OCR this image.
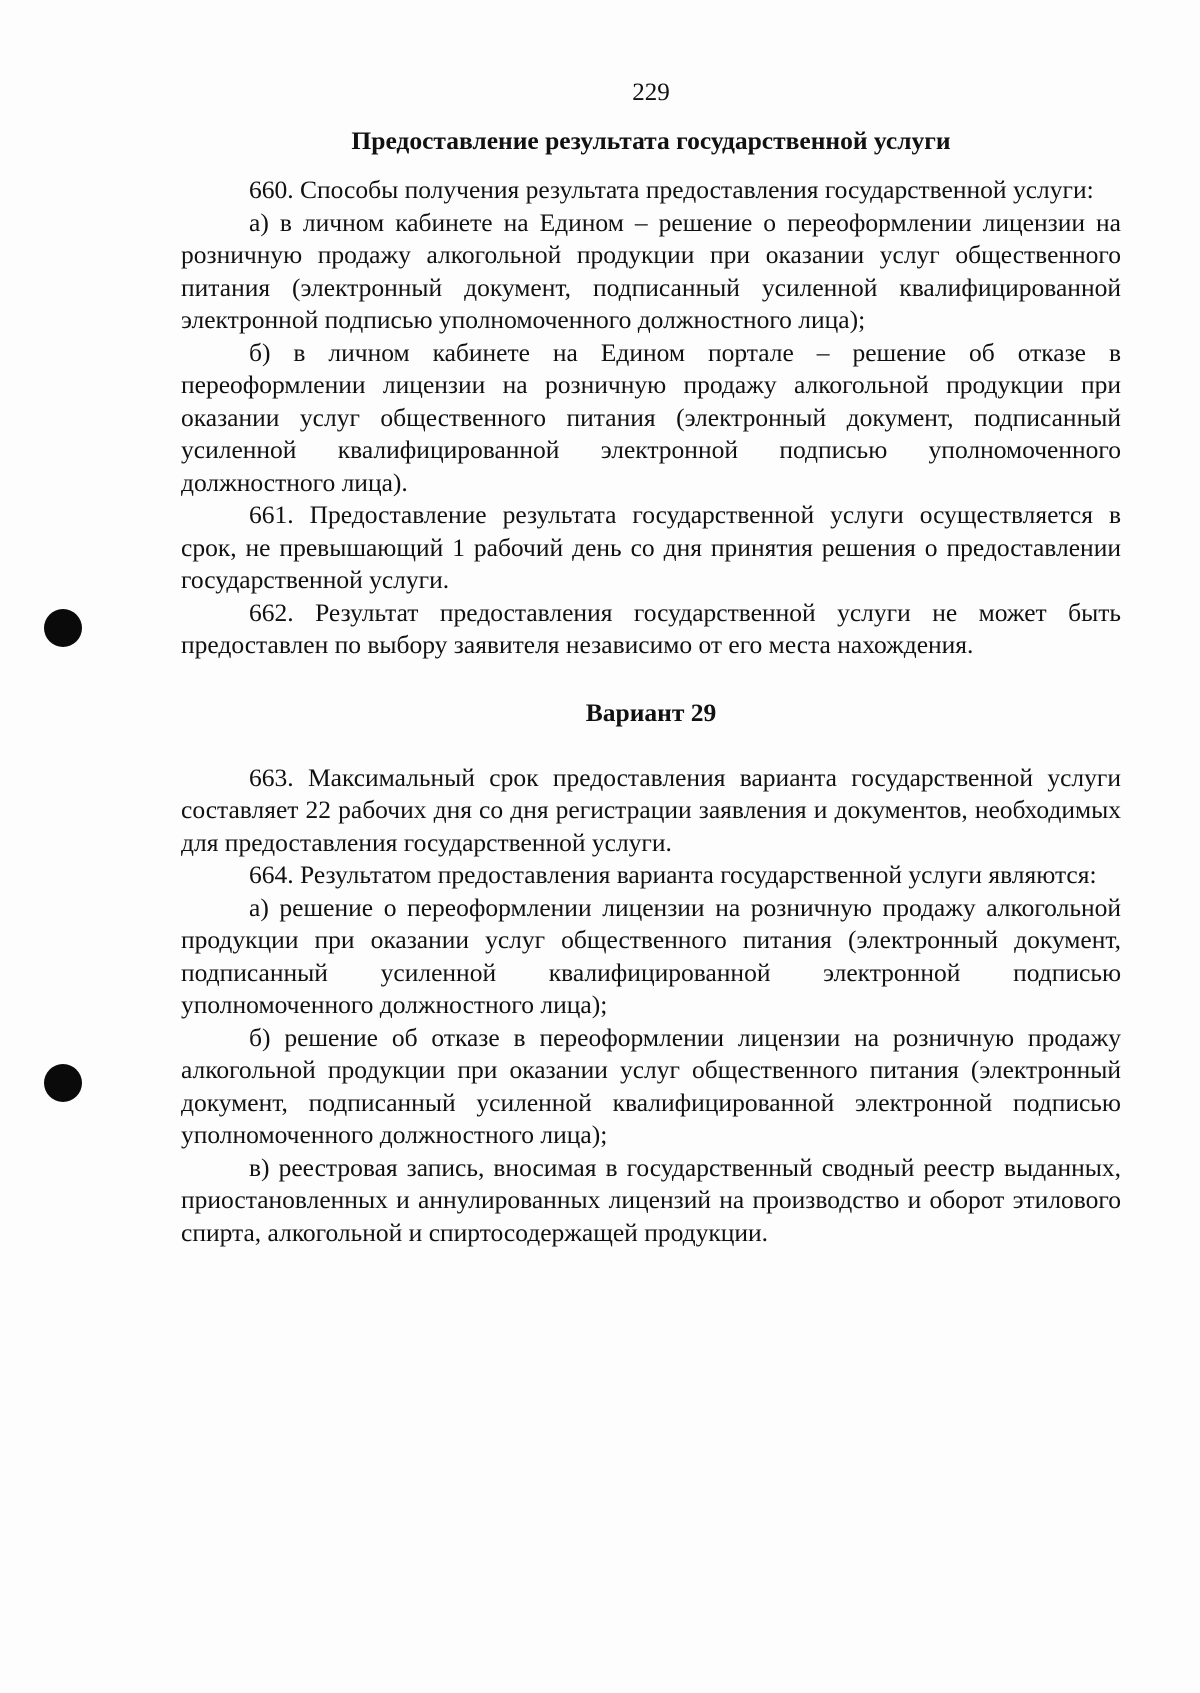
229
Предоставление результата государственной услуги

660. Способы получения результата предоставления государственной услуги:

а) в личном кабинете на Едином – решение о переоформлении лицензии на розничную продажу алкогольной продукции при оказании услуг общественного питания (электронный документ, подписанный усиленной квалифицированной электронной подписью уполномоченного должностного лица);

б) в личном кабинете на Едином портале – решение об отказе в переоформлении лицензии на розничную продажу алкогольной продукции при оказании услуг общественного питания (электронный документ, подписанный усиленной квалифицированной электронной подписью уполномоченного должностного лица).

661. Предоставление результата государственной услуги осуществляется в срок, не превышающий 1 рабочий день со дня принятия решения о предоставлении государственной услуги.

662. Результат предоставления государственной услуги не может быть предоставлен по выбору заявителя независимо от его места нахождения.

Вариант 29

663. Максимальный срок предоставления варианта государственной услуги составляет 22 рабочих дня со дня регистрации заявления и документов, необходимых для предоставления государственной услуги.

664. Результатом предоставления варианта государственной услуги являются:

а) решение о переоформлении лицензии на розничную продажу алкогольной продукции при оказании услуг общественного питания (электронный документ, подписанный усиленной квалифицированной электронной подписью уполномоченного должностного лица);

б) решение об отказе в переоформлении лицензии на розничную продажу алкогольной продукции при оказании услуг общественного питания (электронный документ, подписанный усиленной квалифицированной электронной подписью уполномоченного должностного лица);

в) реестровая запись, вносимая в государственный сводный реестр выданных, приостановленных и аннулированных лицензий на производство и оборот этилового спирта, алкогольной и спиртосодержащей продукции.
